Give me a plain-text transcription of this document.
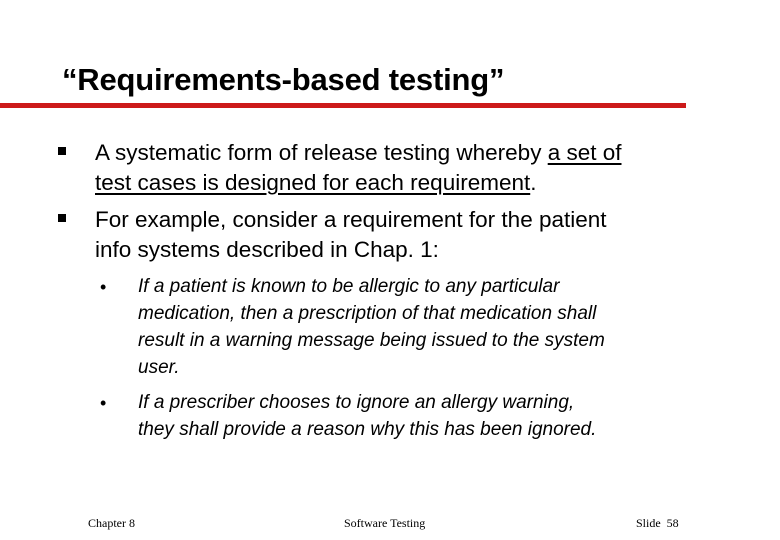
“Requirements-based testing”
A systematic form of release testing whereby a set of
test cases is designed for each requirement.
For example, consider a requirement for the patient
info systems described in Chap. 1:
• If a patient is known to be allergic to any particular
medication, then a prescription of that medication shall
result in a warning message being issued to the system
user.
• If a prescriber chooses to ignore an allergy warning,
they shall provide a reason why this has been ignored.
Chapter 8	Software Testing	Slide  58
